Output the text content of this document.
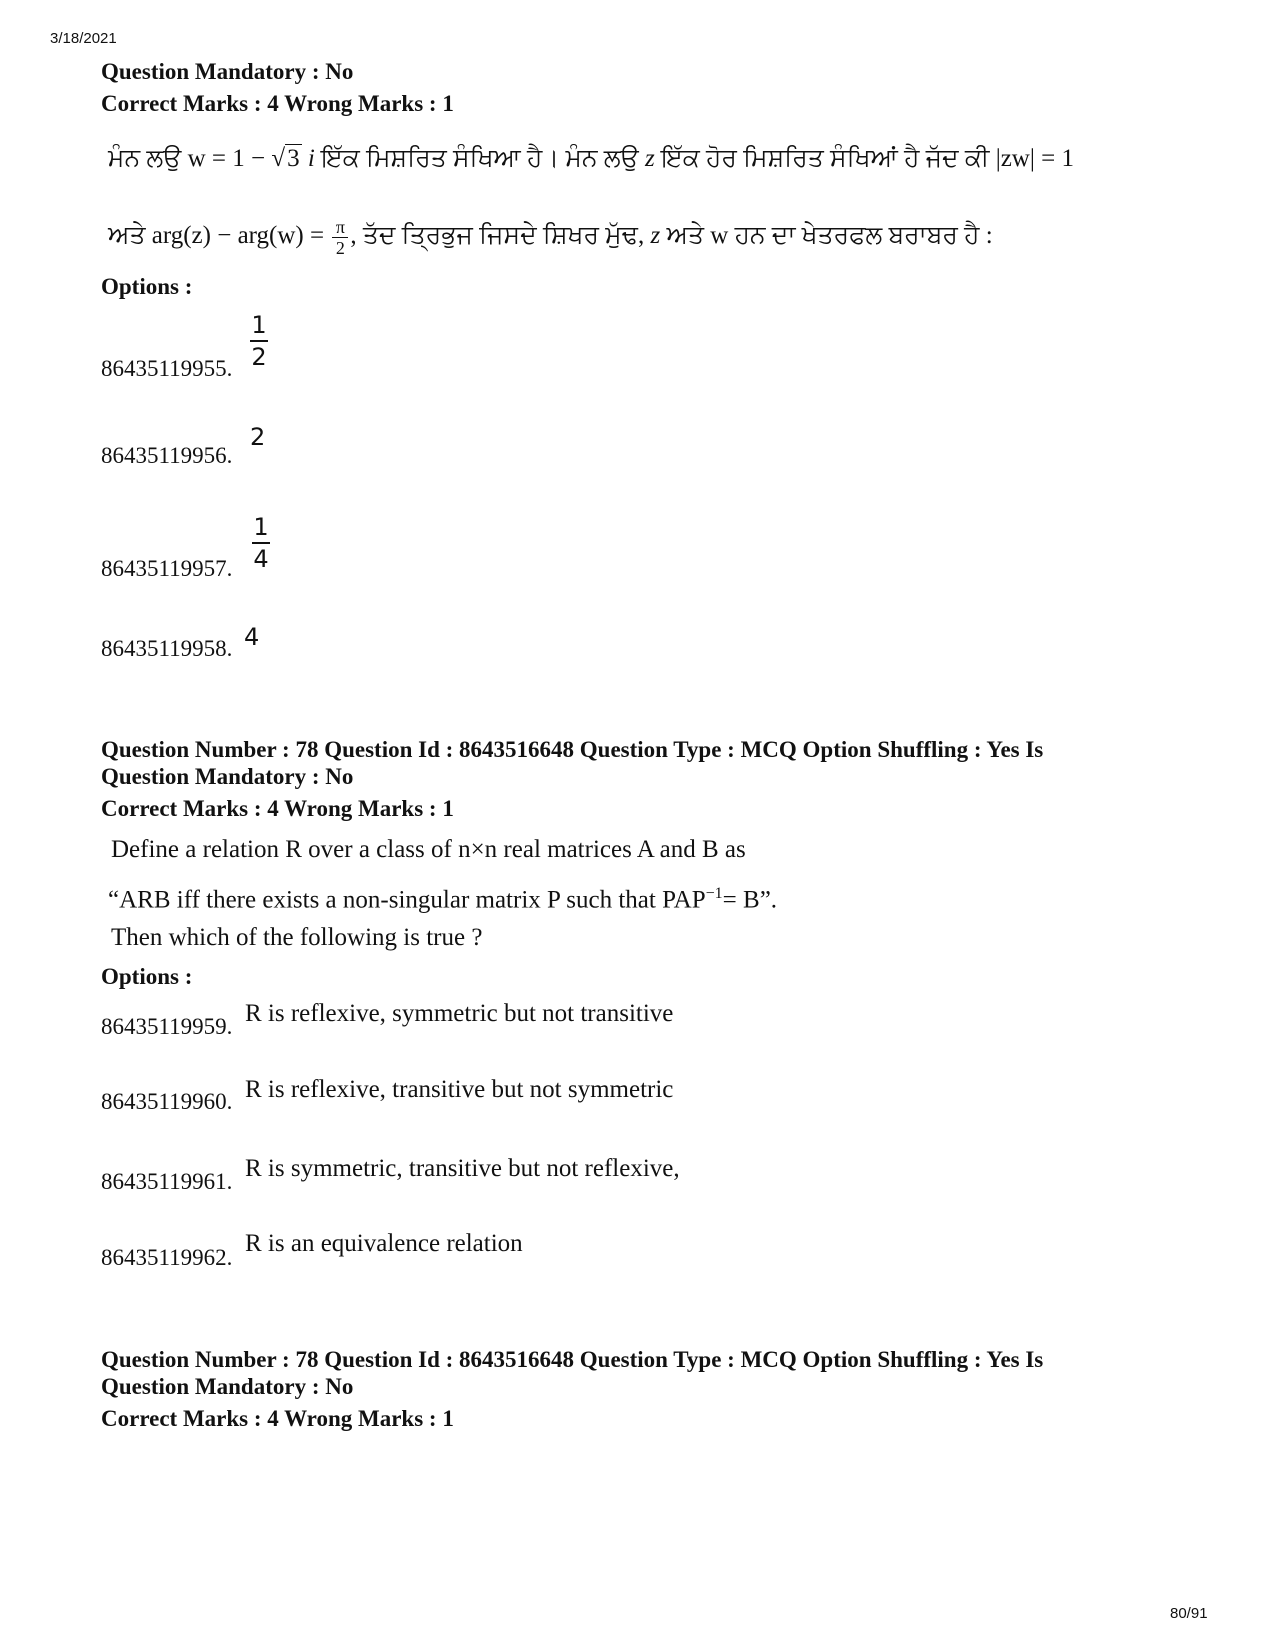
3/18/2021
Question Mandatory : No
Correct Marks : 4 Wrong Marks : 1
ਮੰਨ ਲਉ w = 1 − √3 i ਇੱਕ ਮਿਸ਼ਰਿਤ ਸੰਖਿਆ ਹੈ। ਮੰਨ ਲਉ z ਇੱਕ ਹੋਰ ਮਿਸ਼ਰਿਤ ਸੰਖਿਆਂ ਹੈ ਜੱਦ ਕੀ |zw| = 1
ਅਤੇ $arg(z) - arg(w) = \frac{\pi}{2}$ , ਤੱਦ ਤ੍ਰਿਭੁਜ ਜਿਸਦੇ ਸ਼ਿਖਰ ਮੁੱਢ, z ਅਤੇ w ਹਨ ਦਾ ਖੇਤਰਫਲ ਬਰਾਬਰ ਹੈ :
Options :
1
2
86435119955.
2
86435119956.
1
4
86435119957.
4
86435119958.
Question Number : 78 Question Id : 8643516648 Question Type : MCQ Option Shuffling : Yes Is
Question Mandatory : No
Correct Marks : 4 Wrong Marks : 1
Define a relation R over a class of n×n real matrices A and B as
“ARB iff there exists a non-singular matrix P such that $PAP^{-1}= B$”.
Then which of the following is true ?
Options :
R is reflexive, symmetric but not transitive
86435119959.
R is reflexive, transitive but not symmetric
86435119960.
R is symmetric, transitive but not reflexive,
86435119961.
R is an equivalence relation
86435119962.
Question Number : 78 Question Id : 8643516648 Question Type : MCQ Option Shuffling : Yes Is
Question Mandatory : No
Correct Marks : 4 Wrong Marks : 1
80/91
